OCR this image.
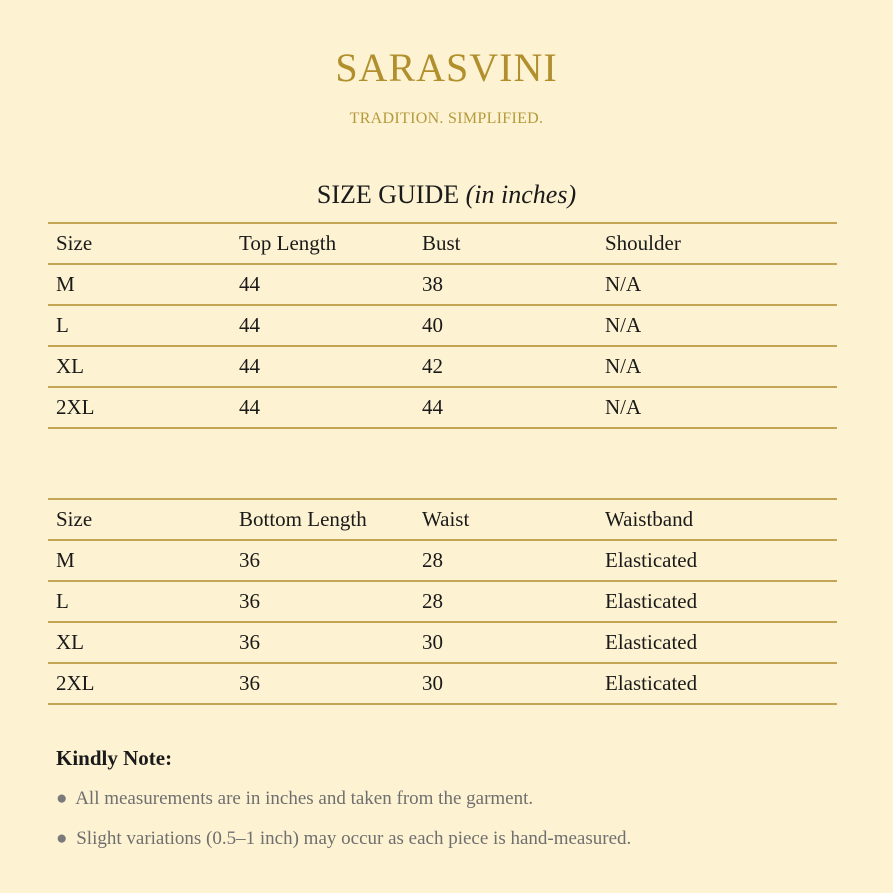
SARASVINI
TRADITION. SIMPLIFIED.
SIZE GUIDE (in inches)
Size	Top Length	Bust	Shoulder
M	44	38	N/A
L	44	40	N/A
XL	44	42	N/A
2XL	44	44	N/A
Size	Bottom Length	Waist	Waistband
M	36	28	Elasticated
L	36	28	Elasticated
XL	36	30	Elasticated
2XL	36	30	Elasticated
Kindly Note:
● All measurements are in inches and taken from the garment.
● Slight variations (0.5–1 inch) may occur as each piece is hand-measured.
